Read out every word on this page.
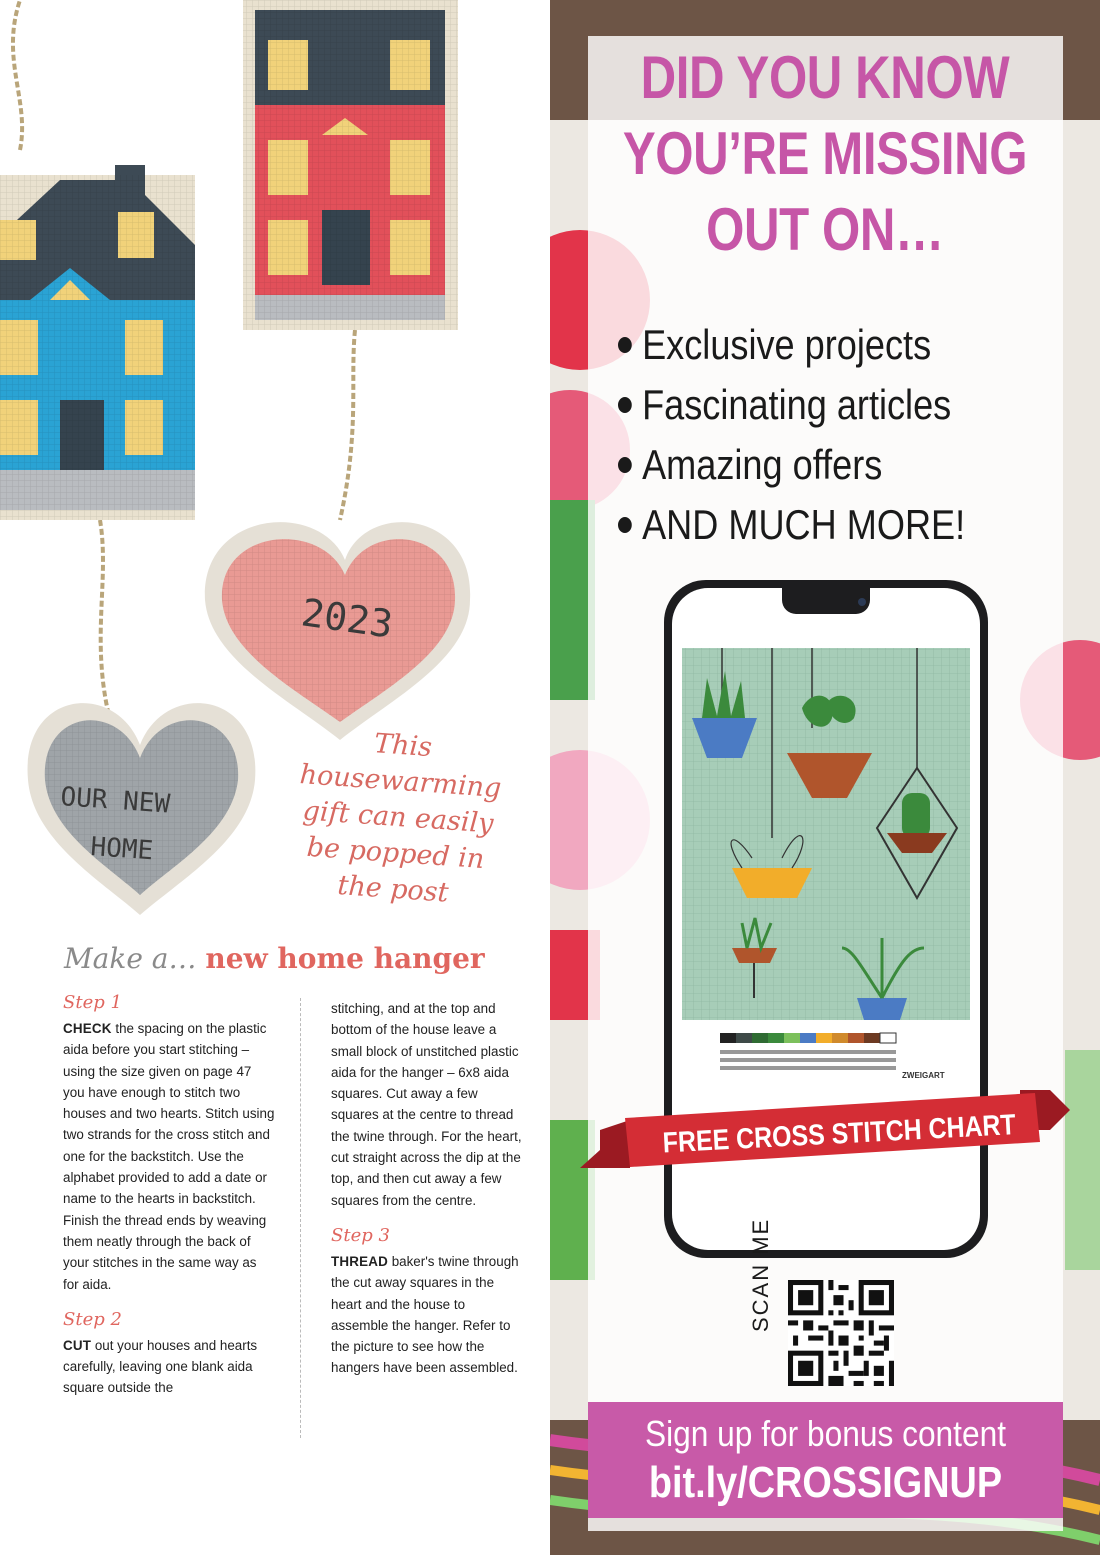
2023
OUR NEW
HOME
This
housewarming
gift can easily
be popped in
the post
Make a… new home hanger
Step 1

CHECK the spacing on the plastic aida before you start stitching – using the size given on page 47 you have enough to stitch two houses and two hearts. Stitch using two strands for the cross stitch and one for the backstitch. Use the alphabet provided to add a date or name to the hearts in backstitch. Finish the thread ends by weaving them neatly through the back of your stitches in the same way as for aida.

Step 2

CUT out your houses and hearts carefully, leaving one blank aida square outside the

stitching, and at the top and bottom of the house leave a small block of unstitched plastic aida for the hanger – 6x8 aida squares. Cut away a few squares at the centre to thread the twine through. For the heart, cut straight across the dip at the top, and then cut away a few squares from the centre.

Step 3

THREAD baker's twine through the cut away squares in the heart and the house to assemble the hanger. Refer to the picture to see how the hangers have been assembled.

DID YOU KNOW
YOU’RE MISSING
OUT ON…
Exclusive projects
Fascinating articles
Amazing offers
AND MUCH MORE!
ZWEIGART
FREE CROSS STITCH CHART
SCAN ME
Sign up for bonus content
bit.ly/CROSSIGNUP
